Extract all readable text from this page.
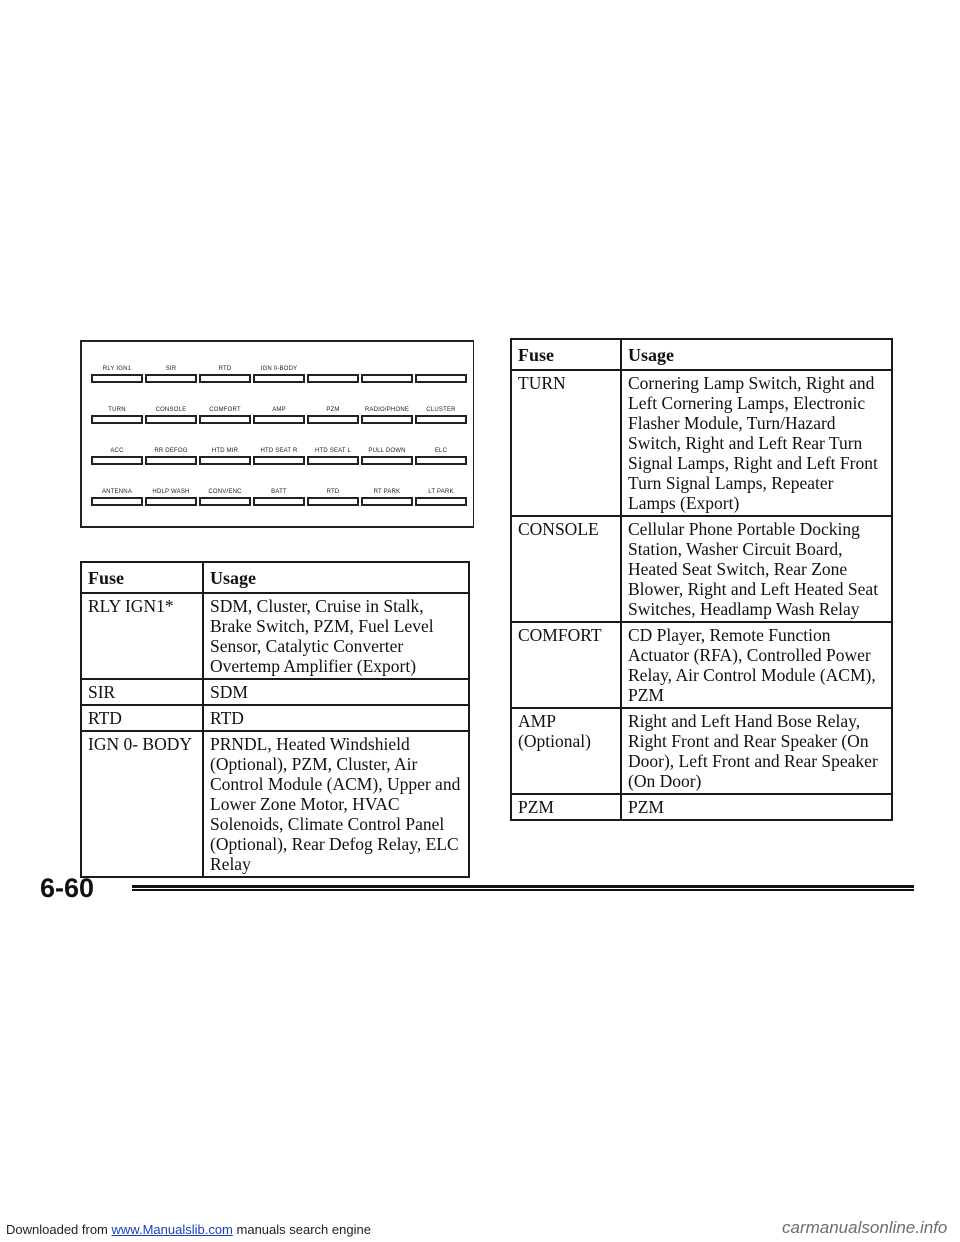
RLY IGN1	SIR	RTD	IGN 0-BODY
TURN	CONSOLE	COMFORT	AMP	PZM	RADIO/PHONE	CLUSTER
ACC	RR DEFOG	HTD MIR	HTD SEAT R	HTD SEAT L	PULL DOWN	ELC
ANTENNA	HDLP WASH	CONV/ENC	BATT	RTD	RT PARK	LT PARK
Fuse	Usage
RLY IGN1*	SDM, Cluster, Cruise in Stalk, Brake Switch, PZM, Fuel Level Sensor, Catalytic Converter Overtemp Amplifier (Export)
SIR	SDM
RTD	RTD
IGN 0- BODY	PRNDL, Heated Windshield (Optional), PZM, Cluster, Air Control Module (ACM), Upper and Lower Zone Motor, HVAC Solenoids, Climate Control Panel (Optional), Rear Defog Relay, ELC Relay
Fuse	Usage
TURN	Cornering Lamp Switch, Right and Left Cornering Lamps, Electronic Flasher Module, Turn/Hazard Switch, Right and Left Rear Turn Signal Lamps, Right and Left Front Turn Signal Lamps, Repeater Lamps (Export)
CONSOLE	Cellular Phone Portable Docking Station, Washer Circuit Board, Heated Seat Switch, Rear Zone Blower, Right and Left Heated Seat Switches, Headlamp Wash Relay
COMFORT	CD Player, Remote Function Actuator (RFA), Controlled Power Relay, Air Control Module (ACM), PZM
AMP (Optional)	Right and Left Hand Bose Relay, Right Front and Rear Speaker (On Door), Left Front and Rear Speaker (On Door)
PZM	PZM
6-60
Downloaded from www.Manualslib.com manuals search engine	carmanualsonline.info
